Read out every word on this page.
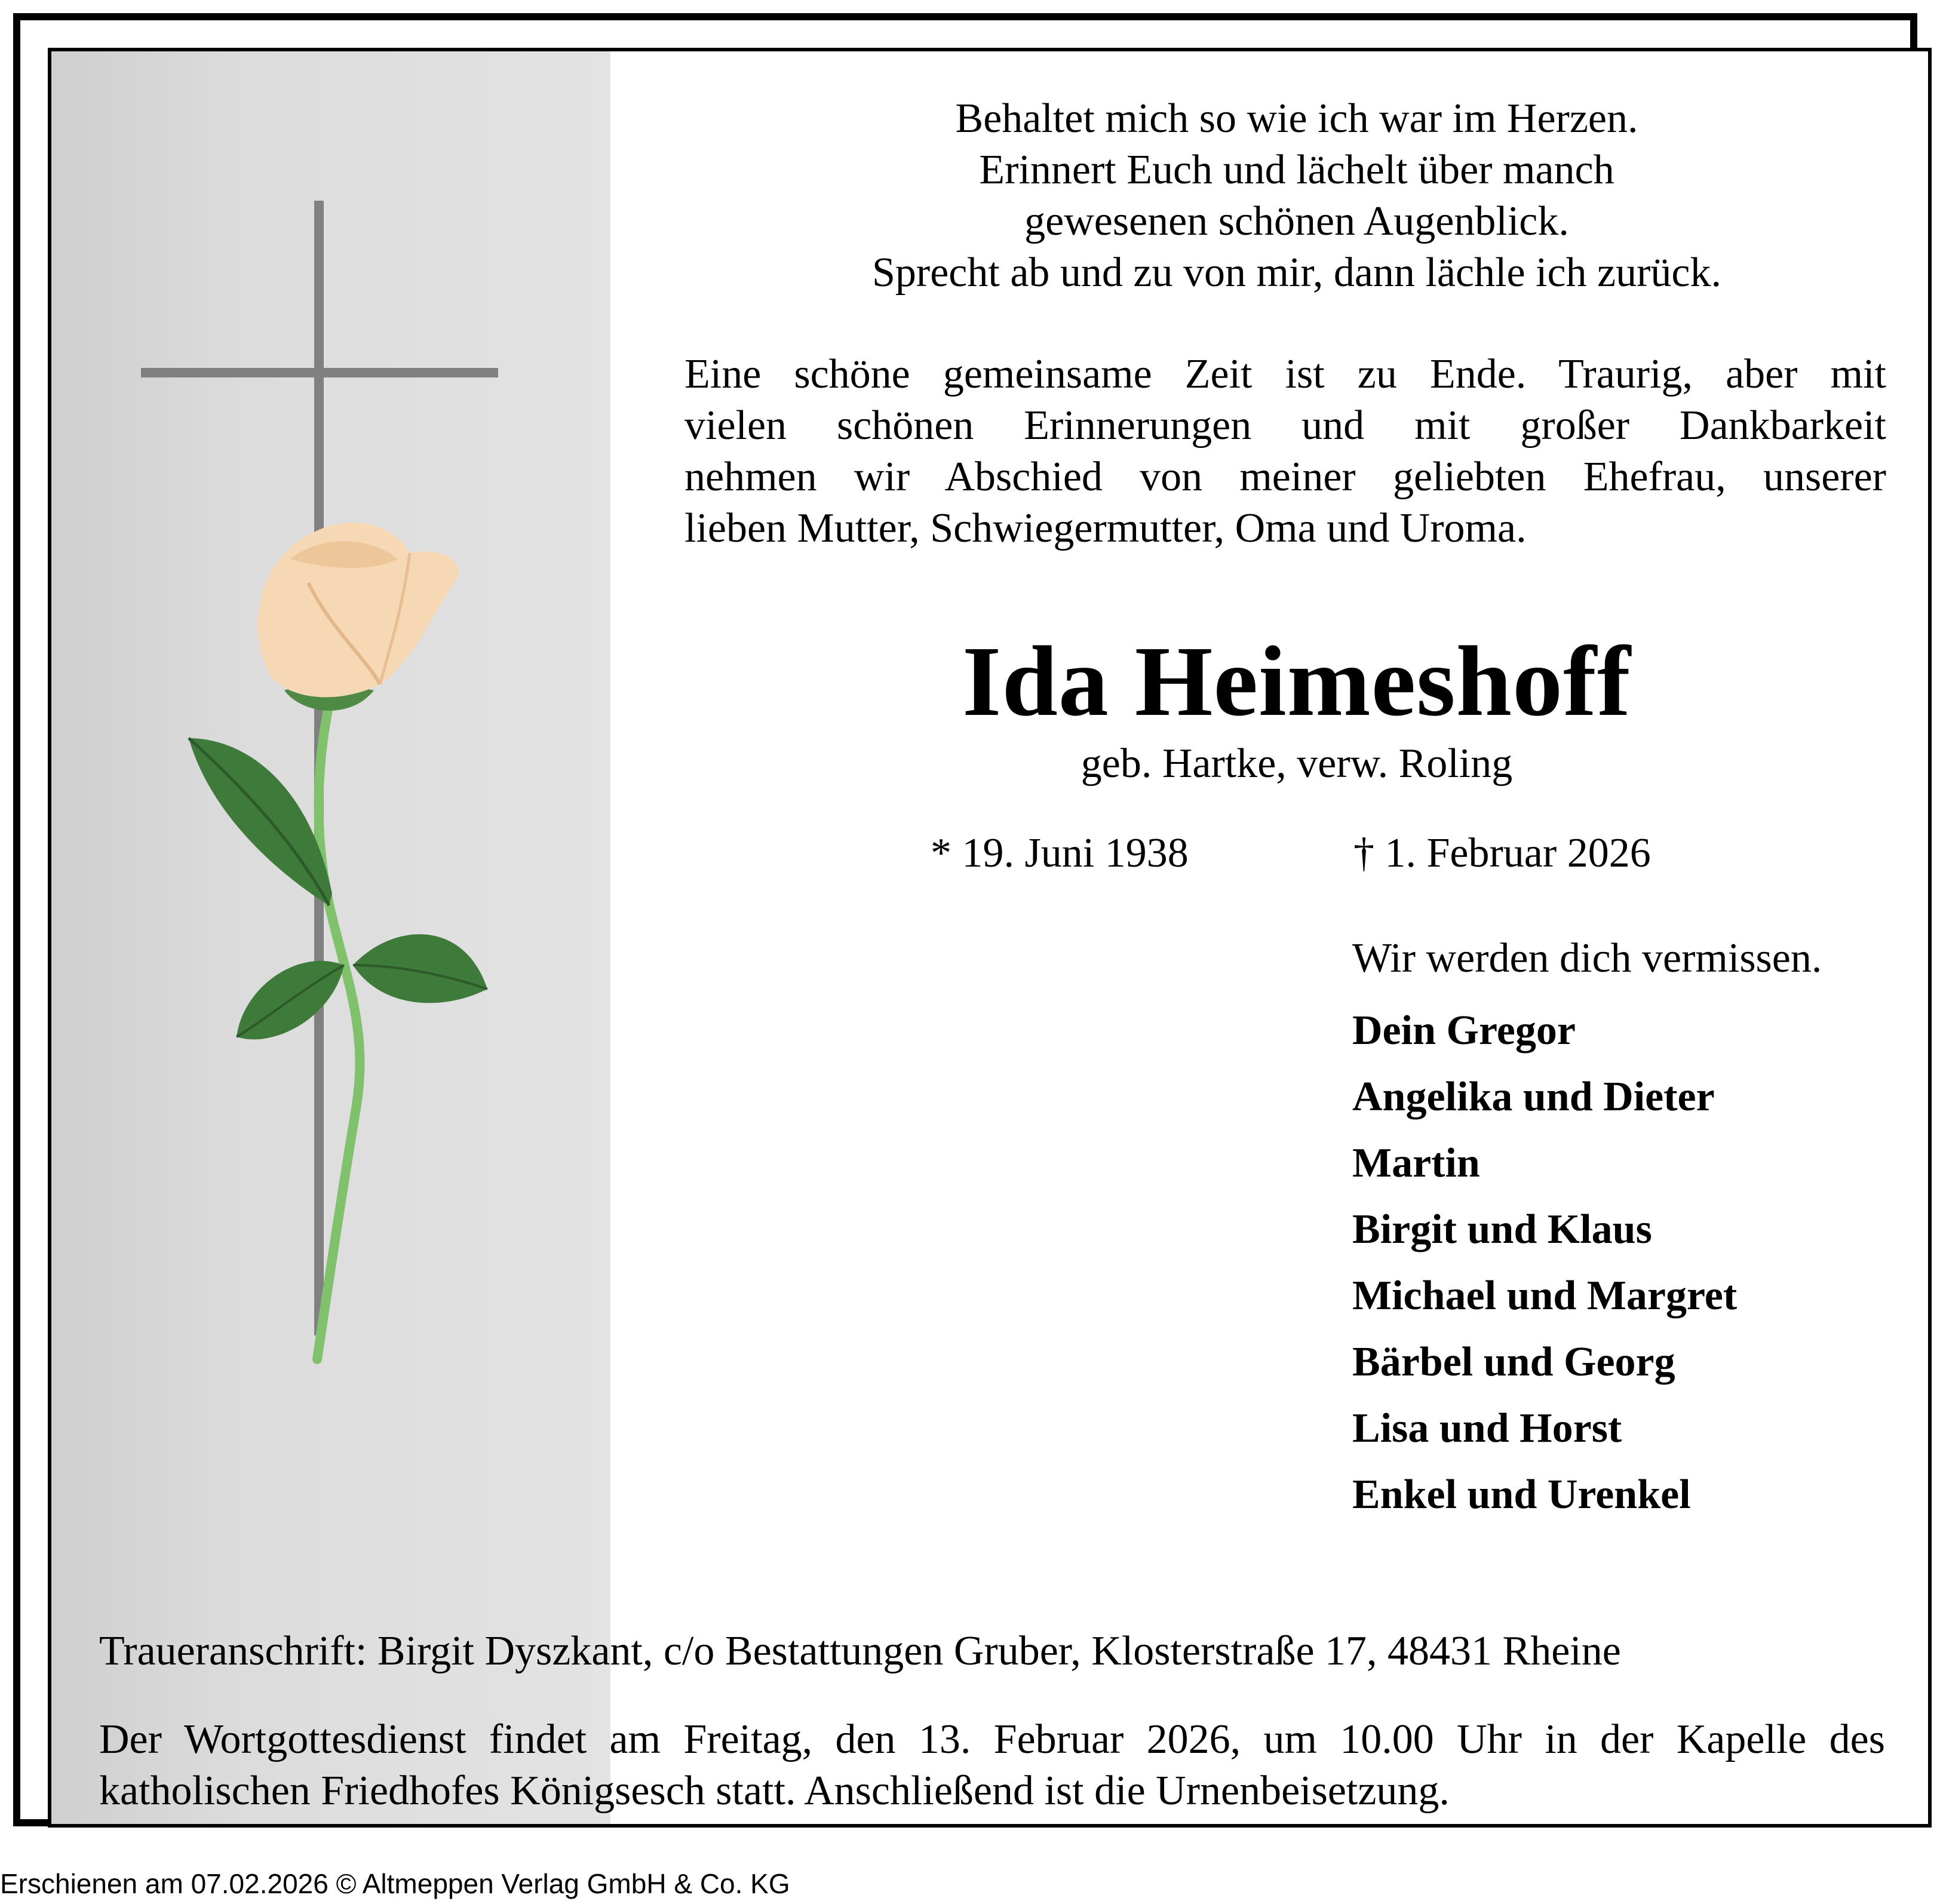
Behaltet mich so wie ich war im Herzen.
Erinnert Euch und lächelt über manch
gewesenen schönen Augenblick.
Sprecht ab und zu von mir, dann lächle ich zurück.
Eine schöne gemeinsame Zeit ist zu Ende. Traurig, aber mit
vielen schönen Erinnerungen und mit großer Dankbarkeit
nehmen wir Abschied von meiner geliebten Ehefrau, unserer
lieben Mutter, Schwiegermutter, Oma und Uroma.
Ida Heimeshoff
geb. Hartke, verw. Roling
* 19. Juni 1938	† 1. Februar 2026
Wir werden dich vermissen.
Dein Gregor
Angelika und Dieter
Martin
Birgit und Klaus
Michael und Margret
Bärbel und Georg
Lisa und Horst
Enkel und Urenkel
Traueranschrift: Birgit Dyszkant, c/o Bestattungen Gruber, Klosterstraße 17, 48431 Rheine
Der Wortgottesdienst findet am Freitag, den 13. Februar 2026, um 10.00 Uhr in der Kapelle des
katholischen Friedhofes Königsesch statt. Anschließend ist die Urnenbeisetzung.
Erschienen am 07.02.2026 © Altmeppen Verlag GmbH & Co. KG
